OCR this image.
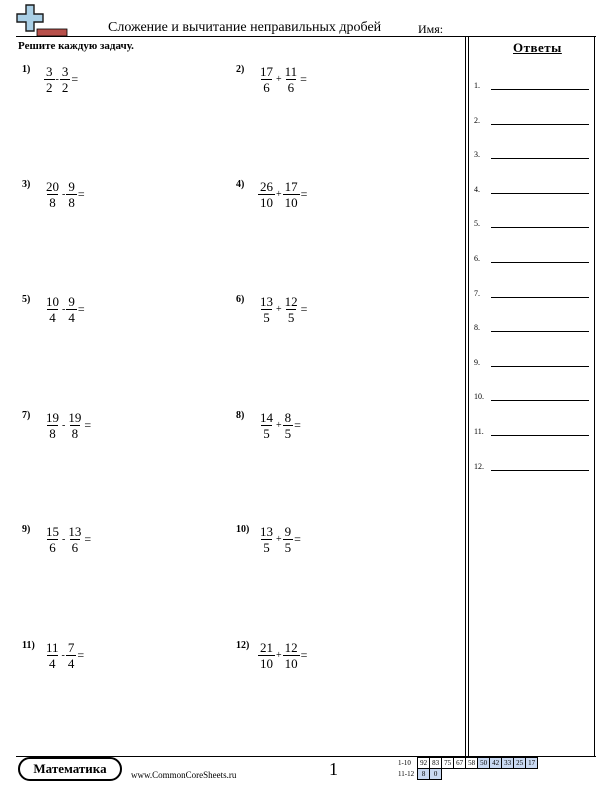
Сложение и вычитание неправильных дробей	Имя:
Решите каждую задачу.
$1) \frac{3}{2} - \frac{3}{2}$ =
$2) \frac{17}{6} + \frac{11}{6}$ =
$3) \frac{20}{8} - \frac{9}{8}$ =
$4) \frac{26}{10} + \frac{17}{10}$ =
$5) \frac{10}{4} - \frac{9}{4}$ =
$6) \frac{13}{5} + \frac{12}{5}$ =
$7) \frac{19}{8} - \frac{19}{8}$ =
$8) \frac{14}{5} + \frac{8}{5}$ =
$9) \frac{15}{6} - \frac{13}{6}$ =
$10) \frac{13}{5} + \frac{9}{5}$ =
$11) \frac{11}{4} - \frac{7}{4}$ =
$12) \frac{21}{10} + \frac{12}{10}$ =
Ответы
1.
2.
3.
4.
5.
6.
7.
8.
9.
10.
11.
12.
Математика	www.CommonCoreSheets.ru	1	1-10	92	83	75	67	58	50	42	33	25	17
11-12	8	0								
